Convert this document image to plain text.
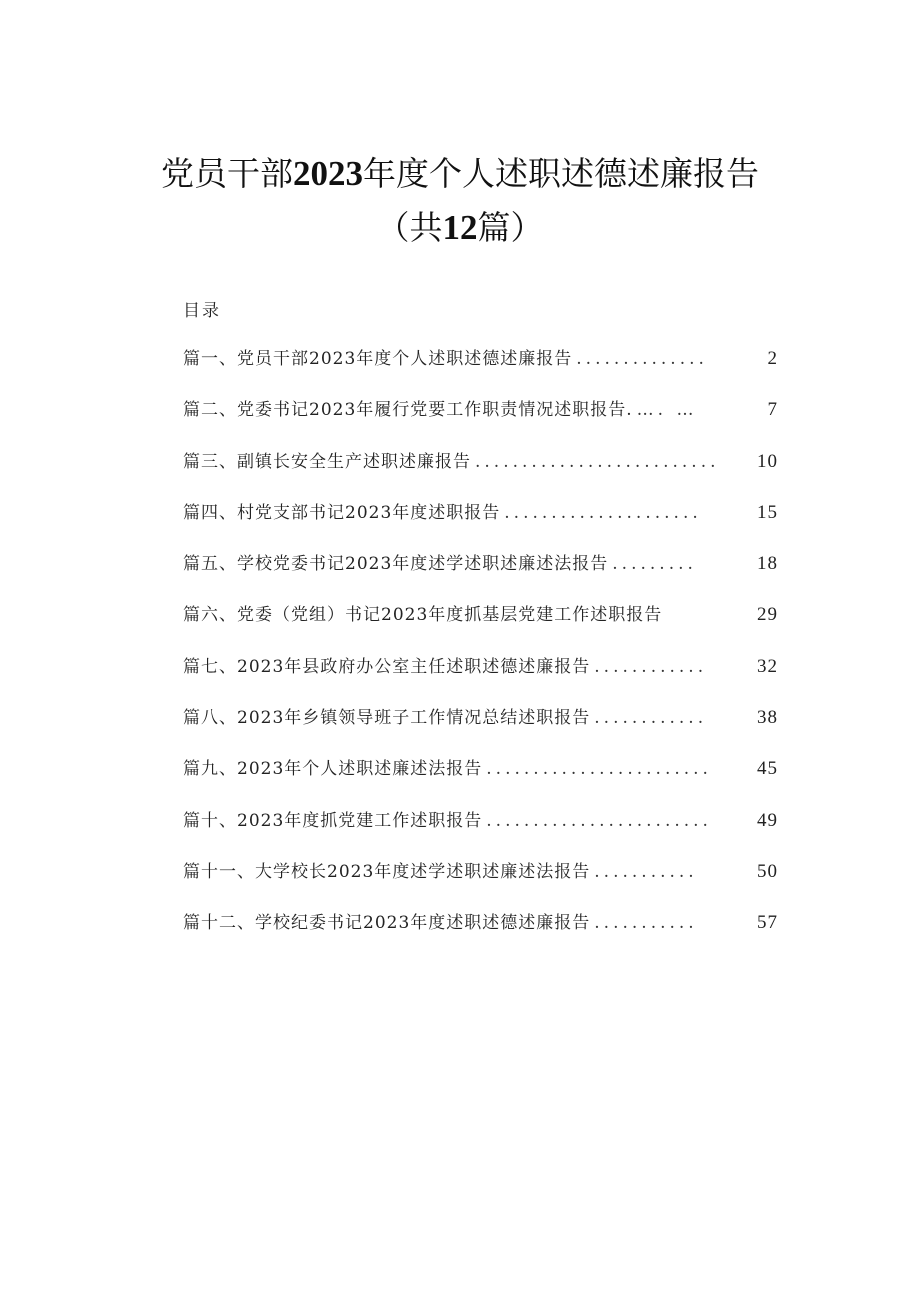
党员干部2023年度个人述职述德述廉报告
（共12篇）
目录
篇一、党员干部2023年度个人述职述德述廉报告 ..............	2
篇二、党委书记2023年履行党要工作职责情况述职报告. …. …	7
篇三、副镇长安全生产述职述廉报告 ..........................	10
篇四、村党支部书记2023年度述职报告 .....................	15
篇五、学校党委书记2023年度述学述职述廉述法报告 .........	18
篇六、党委（党组）书记2023年度抓基层党建工作述职报告	29
篇七、2023年县政府办公室主任述职述德述廉报告 ............	32
篇八、2023年乡镇领导班子工作情况总结述职报告 ............	38
篇九、2023年个人述职述廉述法报告 ........................	45
篇十、2023年度抓党建工作述职报告 ........................	49
篇十一、大学校长2023年度述学述职述廉述法报告 ...........	50
篇十二、学校纪委书记2023年度述职述德述廉报告 ...........	57
